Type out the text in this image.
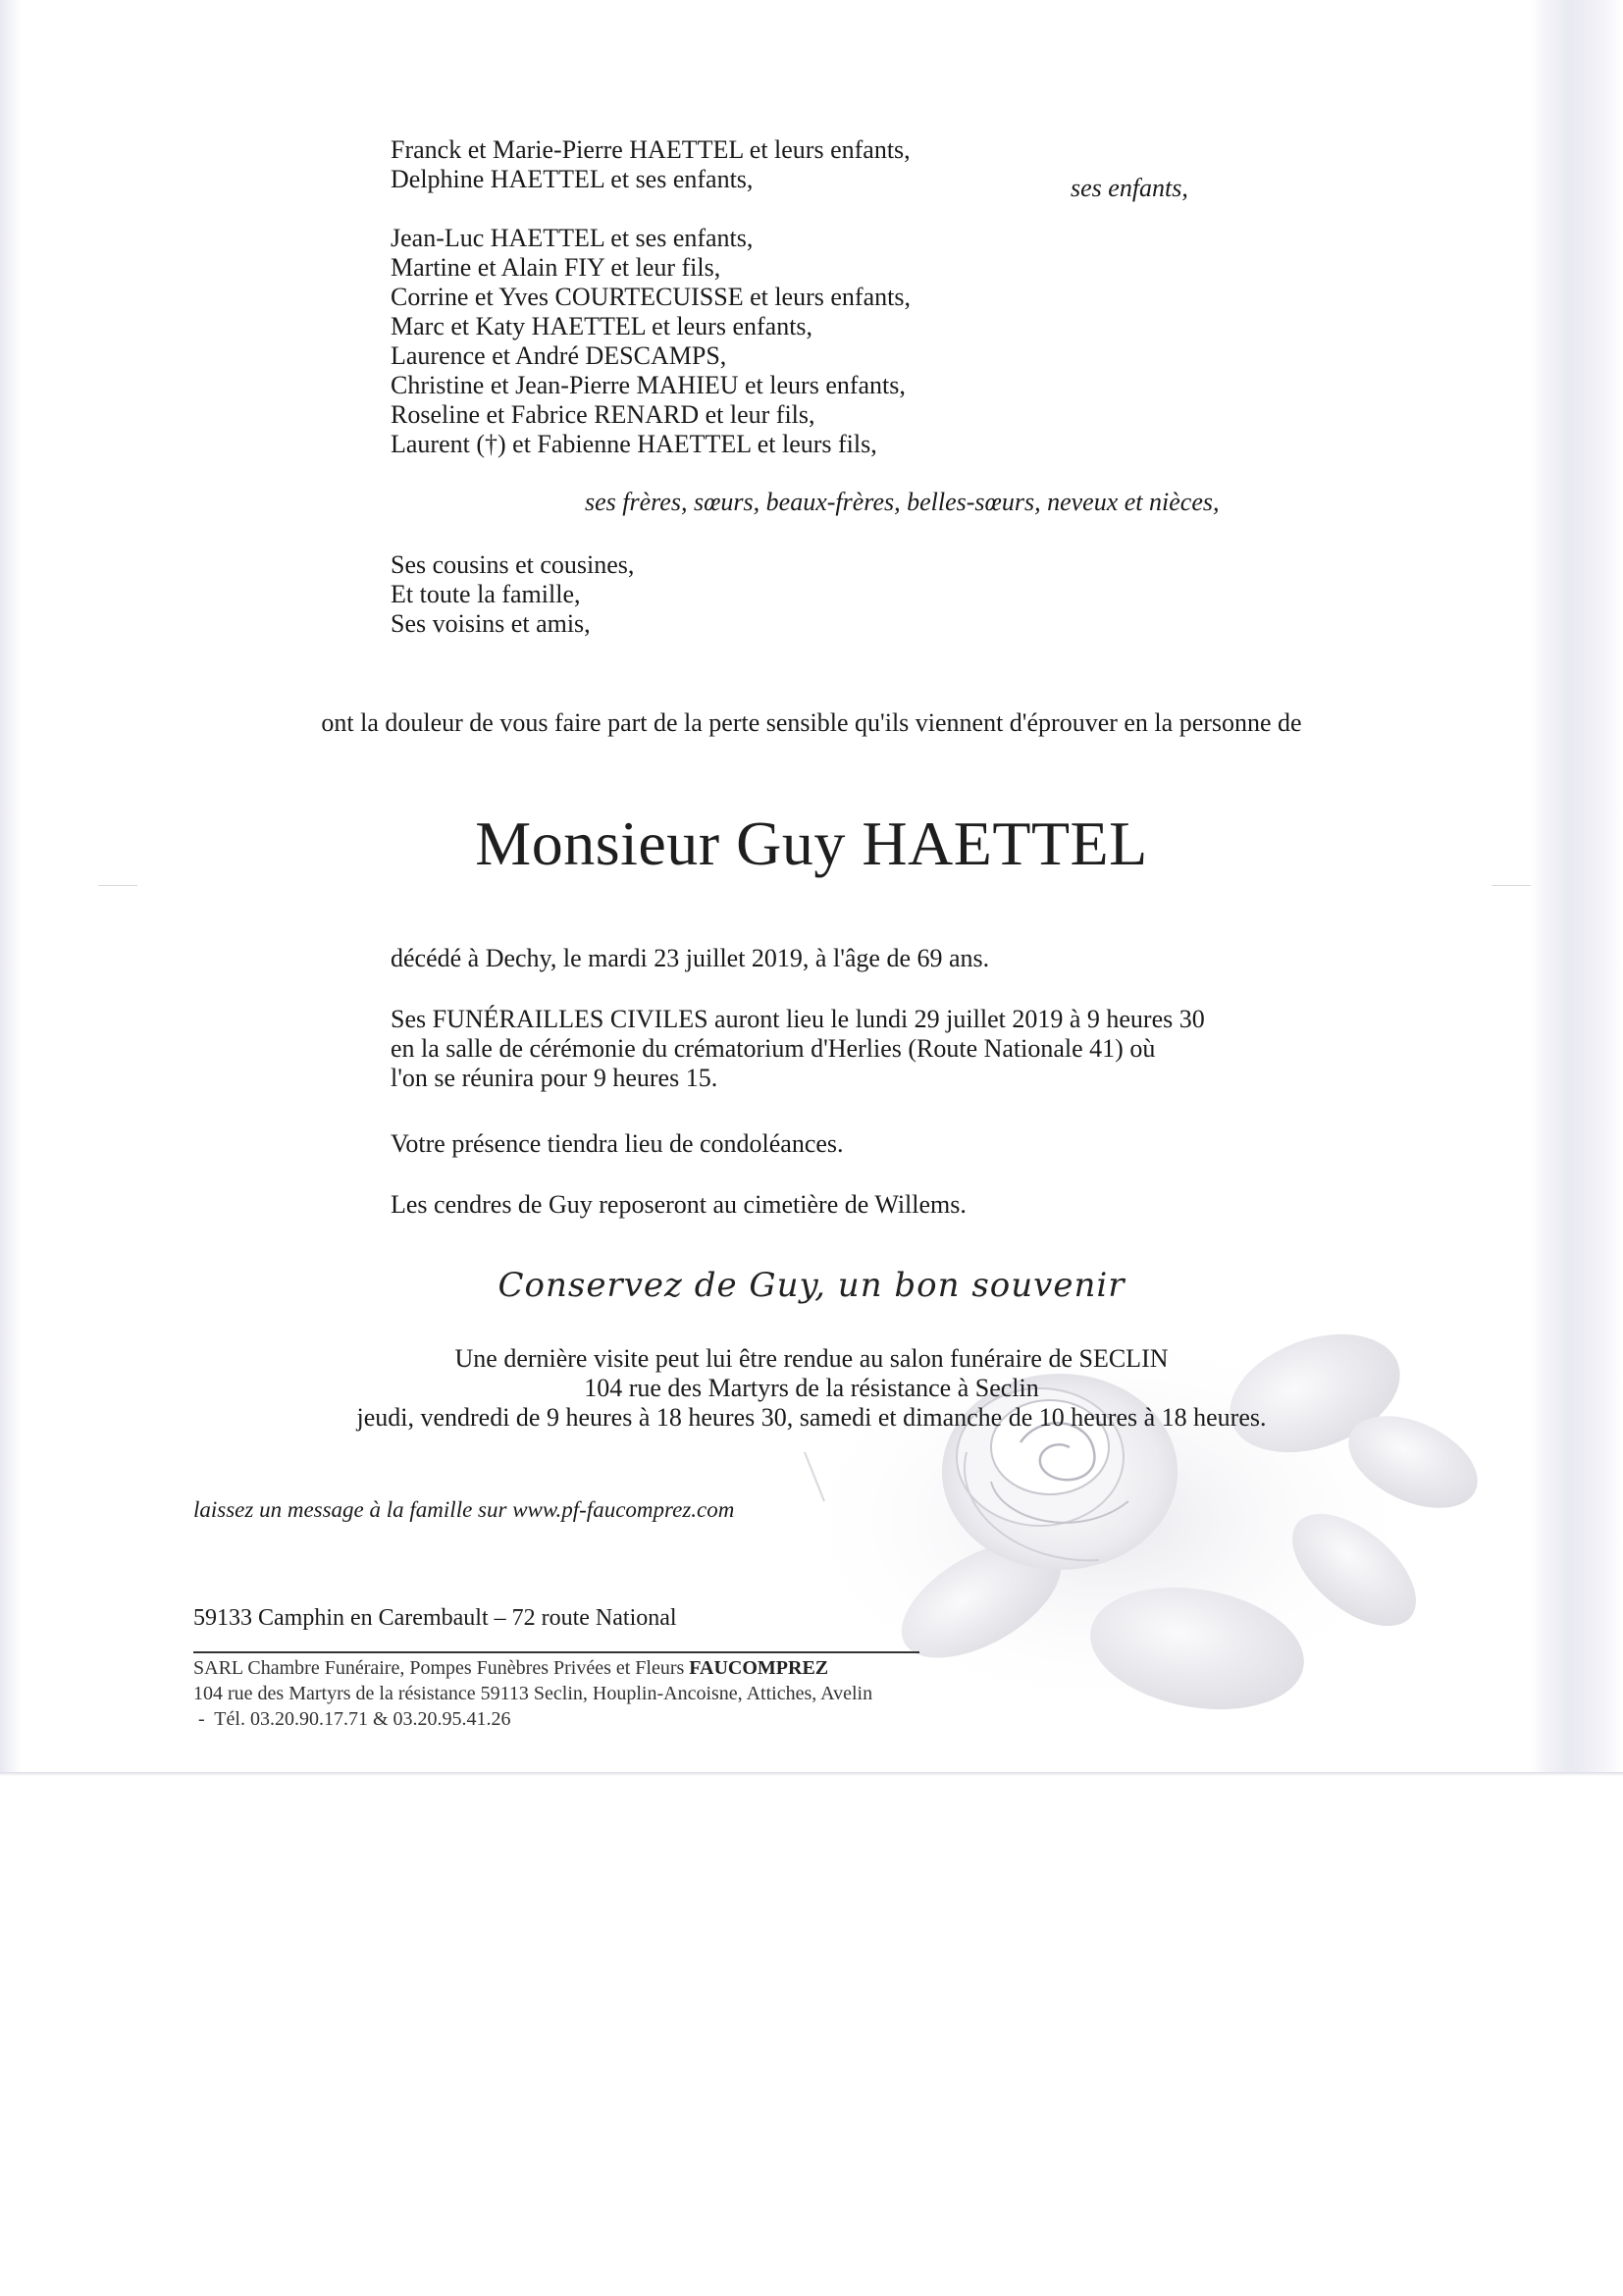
Franck et Marie-Pierre HAETTEL et leurs enfants,
Delphine HAETTEL et ses enfants,
Jean-Luc HAETTEL et ses enfants,
Martine et Alain FIY et leur fils,
Corrine et Yves COURTECUISSE et leurs enfants,
Marc et Katy HAETTEL et leurs enfants,
Laurence et André DESCAMPS,
Christine et Jean-Pierre MAHIEU et leurs enfants,
Roseline et Fabrice RENARD et leur fils,
Laurent (†) et Fabienne HAETTEL et leurs fils,
ses enfants,
ses frères, sœurs, beaux-frères, belles-sœurs, neveux et nièces,
Ses cousins et cousines,
Et toute la famille,
Ses voisins et amis,
ont la douleur de vous faire part de la perte sensible qu'ils viennent d'éprouver en la personne de
Monsieur Guy HAETTEL
décédé à Dechy, le mardi 23 juillet 2019, à l'âge de 69 ans.
Ses FUNÉRAILLES CIVILES auront lieu le lundi 29 juillet 2019 à 9 heures 30
en la salle de cérémonie du crématorium d'Herlies (Route Nationale 41) où
l'on se réunira pour 9 heures 15.
Votre présence tiendra lieu de condoléances.
Les cendres de Guy reposeront au cimetière de Willems.
Conservez de Guy, un bon souvenir
Une dernière visite peut lui être rendue au salon funéraire de SECLIN
104 rue des Martyrs de la résistance à Seclin
jeudi, vendredi de 9 heures à 18 heures 30, samedi et dimanche de 10 heures à 18 heures.
laissez un message à la famille sur www.pf-faucomprez.com
59133 Camphin en Carembault – 72 route National
SARL Chambre Funéraire, Pompes Funèbres Privées et Fleurs FAUCOMPREZ
104 rue des Martyrs de la résistance 59113 Seclin, Houplin-Ancoisne, Attiches, Avelin
-  Tél. 03.20.90.17.71 & 03.20.95.41.26
